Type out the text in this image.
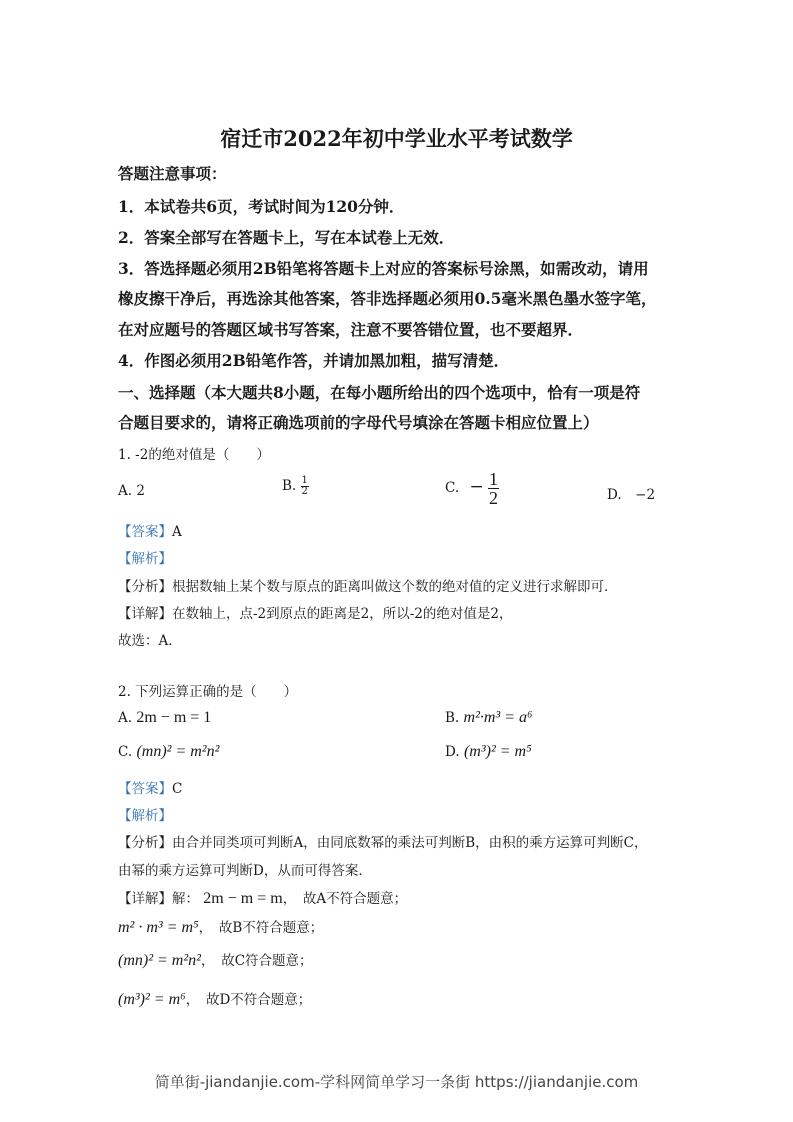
宿迁市2022年初中学业水平考试数学
答题注意事项：
1．本试卷共6页，考试时间为120分钟．
2．答案全部写在答题卡上，写在本试卷上无效．
3．答选择题必须用2B铅笔将答题卡上对应的答案标号涂黑，如需改动，请用
橡皮擦干净后，再选涂其他答案，答非选择题必须用0.5毫米黑色墨水签字笔，
在对应题号的答题区域书写答案，注意不要答错位置，也不要超界．
4．作图必须用2B铅笔作答，并请加黑加粗，描写清楚．
一、选择题（本大题共8小题，在每小题所给出的四个选项中，恰有一项是符
合题目要求的，请将正确选项前的字母代号填涂在答题卡相应位置上）
1. -2的绝对值是（　　）
A. 2	B. $\frac{1}{2}$	C. − $\frac{1}{2}$	D.　−2
【答案】A
【解析】
【分析】根据数轴上某个数与原点的距离叫做这个数的绝对值的定义进行求解即可．
【详解】在数轴上，点-2到原点的距离是2，所以-2的绝对值是2，
故选：A．
2. 下列运算正确的是（　　）
A. 2m − m = 1	B. m²·m³ = a⁶
C. (mn)² = m²n²	D. (m³)² = m⁵
【答案】C
【解析】
【分析】由合并同类项可判断A，由同底数幂的乘法可判断B，由积的乘方运算可判断C，
由幂的乘方运算可判断D，从而可得答案．
【详解】解： 2m − m = m，　故A不符合题意；
m² · m³ = m⁵，　故B不符合题意；
(mn)² = m²n²，　故C符合题意；
(m³)² = m⁶，　故D不符合题意；
简单街-jiandanjie.com-学科网简单学习一条街 https://jiandanjie.com
